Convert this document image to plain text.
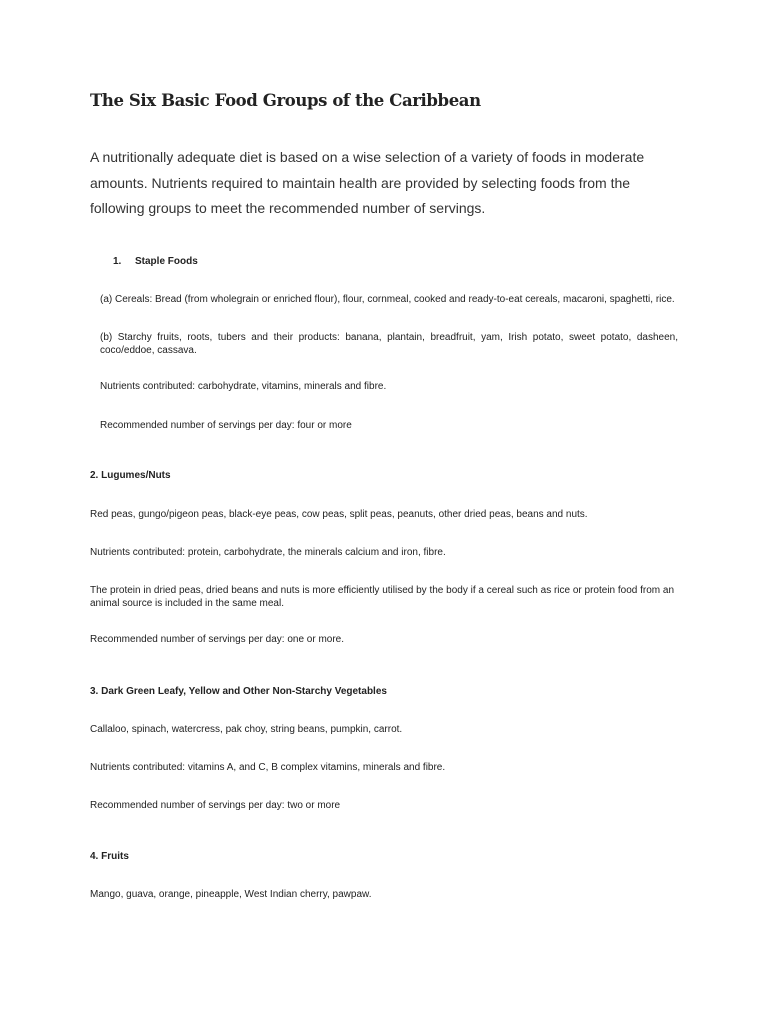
The Six Basic Food Groups of the Caribbean

A nutritionally adequate diet is based on a wise selection of a variety of foods in moderate amounts. Nutrients required to maintain health are provided by selecting foods from the following groups to meet the recommended number of servings.

1. Staple Foods

(a) Cereals: Bread (from wholegrain or enriched flour), flour, cornmeal, cooked and ready-to-eat cereals, macaroni, spaghetti, rice.

(b) Starchy fruits, roots, tubers and their products: banana, plantain, breadfruit, yam, Irish potato, sweet potato, dasheen, coco/eddoe, cassava.

Nutrients contributed: carbohydrate, vitamins, minerals and fibre.

Recommended number of servings per day: four or more

2. Lugumes/Nuts

Red peas, gungo/pigeon peas, black-eye peas, cow peas, split peas, peanuts, other dried peas, beans and nuts.

Nutrients contributed: protein, carbohydrate, the minerals calcium and iron, fibre.

The protein in dried peas, dried beans and nuts is more efficiently utilised by the body if a cereal such as rice or protein food from an animal source is included in the same meal.

Recommended number of servings per day: one or more.

3. Dark Green Leafy, Yellow and Other Non-Starchy Vegetables

Callaloo, spinach, watercress, pak choy, string beans, pumpkin, carrot.

Nutrients contributed: vitamins A, and C, B complex vitamins, minerals and fibre.

Recommended number of servings per day: two or more

4. Fruits

Mango, guava, orange, pineapple, West Indian cherry, pawpaw.
